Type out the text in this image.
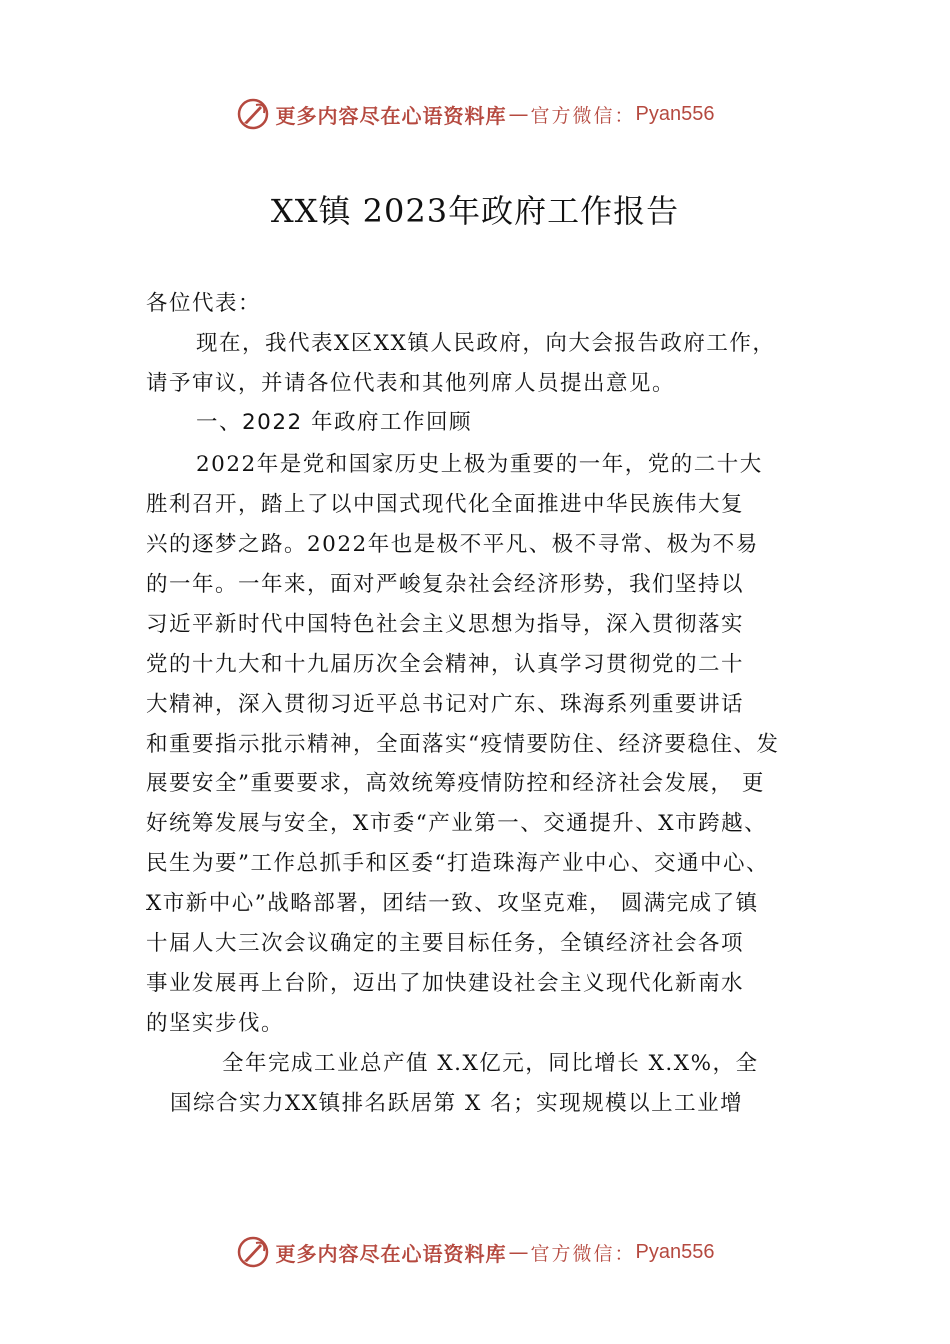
更多内容尽在心语资料库 — 官方微信： Pyan556
XX镇 2023年政府工作报告
各位代表：
现在，我代表X区XX镇人民政府，向大会报告政府工作，
请予审议，并请各位代表和其他列席人员提出意见。
一、2022 年政府工作回顾
2022年是党和国家历史上极为重要的一年，党的二十大
胜利召开，踏上了以中国式现代化全面推进中华民族伟大复
兴的逐梦之路。2022年也是极不平凡、极不寻常、极为不易
的一年。一年来，面对严峻复杂社会经济形势，我们坚持以
习近平新时代中国特色社会主义思想为指导，深入贯彻落实
党的十九大和十九届历次全会精神，认真学习贯彻党的二十
大精神，深入贯彻习近平总书记对广东、珠海系列重要讲话
和重要指示批示精神，全面落实“疫情要防住、经济要稳住、发
展要安全”重要要求，高效统筹疫情防控和经济社会发展， 更
好统筹发展与安全，X市委“产业第一、交通提升、X市跨越、
民生为要”工作总抓手和区委“打造珠海产业中心、交通中心、
X市新中心”战略部署，团结一致、攻坚克难， 圆满完成了镇
十届人大三次会议确定的主要目标任务，全镇经济社会各项
事业发展再上台阶，迈出了加快建设社会主义现代化新南水
的坚实步伐。
全年完成工业总产值 X.X亿元，同比增长 X.X%，全
国综合实力XX镇排名跃居第 X 名；实现规模以上工业增
更多内容尽在心语资料库 — 官方微信： Pyan556
